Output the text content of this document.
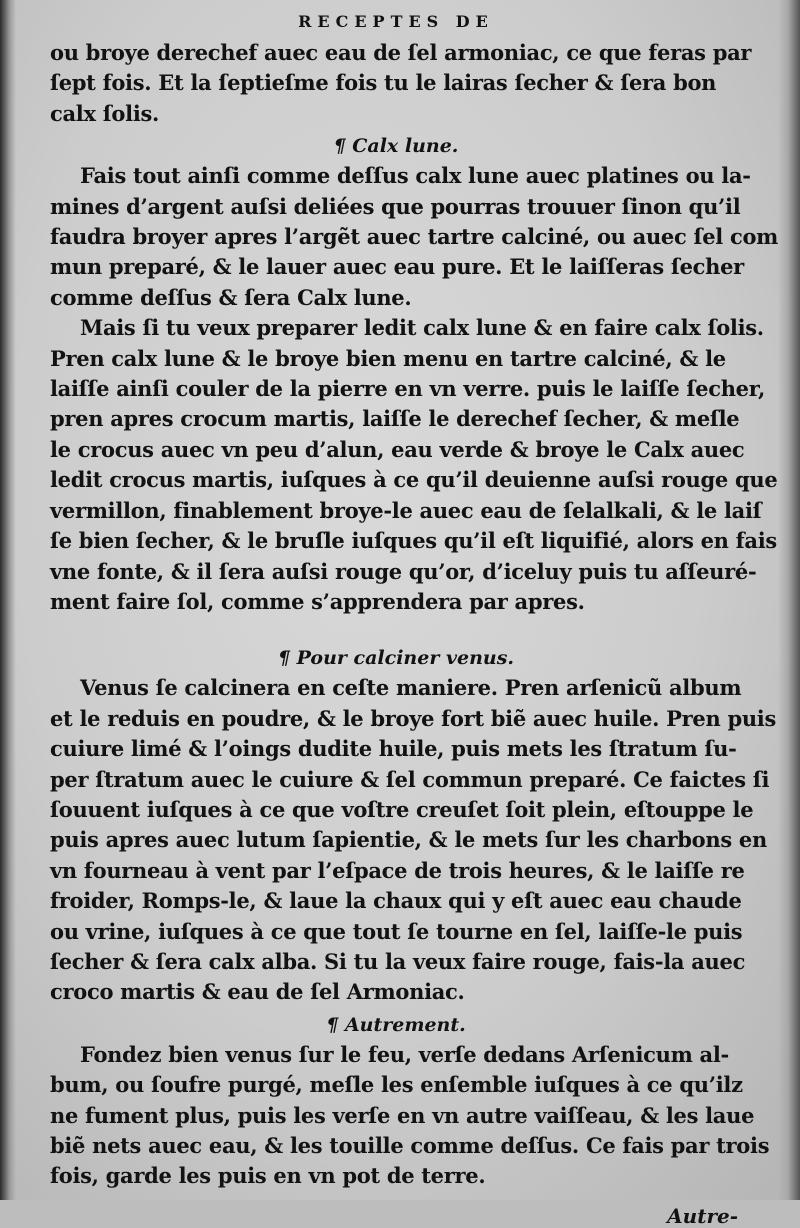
RECEPTES DE
ou broye derechef auec eau de ſel armoniac, ce que feras par
ſept fois. Et la ſeptieſme fois tu le lairas ſecher & ſera bon
calx ſolis.
¶ Calx lune.
Fais tout ainſi comme deſſus calx lune auec platines ou la-
mines d’argent auſsi deliées que pourras trouuer ſinon qu’il
faudra broyer apres l’argẽt auec tartre calciné, ou auec ſel com
mun preparé, & le lauer auec eau pure. Et le laiſſeras ſecher
comme deſſus & ſera Calx lune.
Mais ſi tu veux preparer ledit calx lune & en faire calx ſolis.
Pren calx lune & le broye bien menu en tartre calciné, & le
laiſſe ainſi couler de la pierre en vn verre. puis le laiſſe ſecher,
pren apres crocum martis, laiſſe le derechef ſecher, & meſle
le crocus auec vn peu d’alun, eau verde & broye le Calx auec
ledit crocus martis, iuſques à ce qu’il deuienne auſsi rouge que
vermillon, finablement broye-le auec eau de ſelalkali, & le laiſ
ſe bien ſecher, & le bruſle iuſques qu’il eſt liquifié, alors en fais
vne fonte, & il ſera auſsi rouge qu’or, d’iceluy puis tu aſſeuré-
ment faire ſol, comme s’apprendera par apres.
¶ Pour calciner venus.
Venus ſe calcinera en ceſte maniere. Pren arſenicũ album
et le reduis en poudre, & le broye fort biẽ auec huile. Pren puis
cuiure limé & l’oings dudite huile, puis mets les ſtratum ſu-
per ſtratum auec le cuiure & ſel commun preparé. Ce faictes ſi
ſouuent iuſques à ce que voſtre creuſet ſoit plein, eſtouppe le
puis apres auec lutum ſapientie, & le mets ſur les charbons en
vn fourneau à vent par l’eſpace de trois heures, & le laiſſe re
froider, Romps-le, & laue la chaux qui y eſt auec eau chaude
ou vrine, iuſques à ce que tout ſe tourne en ſel, laiſſe-le puis
ſecher & ſera calx alba. Si tu la veux faire rouge, fais-la auec
croco martis & eau de ſel Armoniac.
¶ Autrement.
Fondez bien venus ſur le feu, verſe dedans Arſenicum al-
bum, ou ſoufre purgé, meſle les enſemble iuſques à ce qu’ilz
ne fument plus, puis les verſe en vn autre vaiſſeau, & les laue
biẽ nets auec eau, & les touille comme deſſus. Ce fais par trois
fois, garde les puis en vn pot de terre.
Autre-
